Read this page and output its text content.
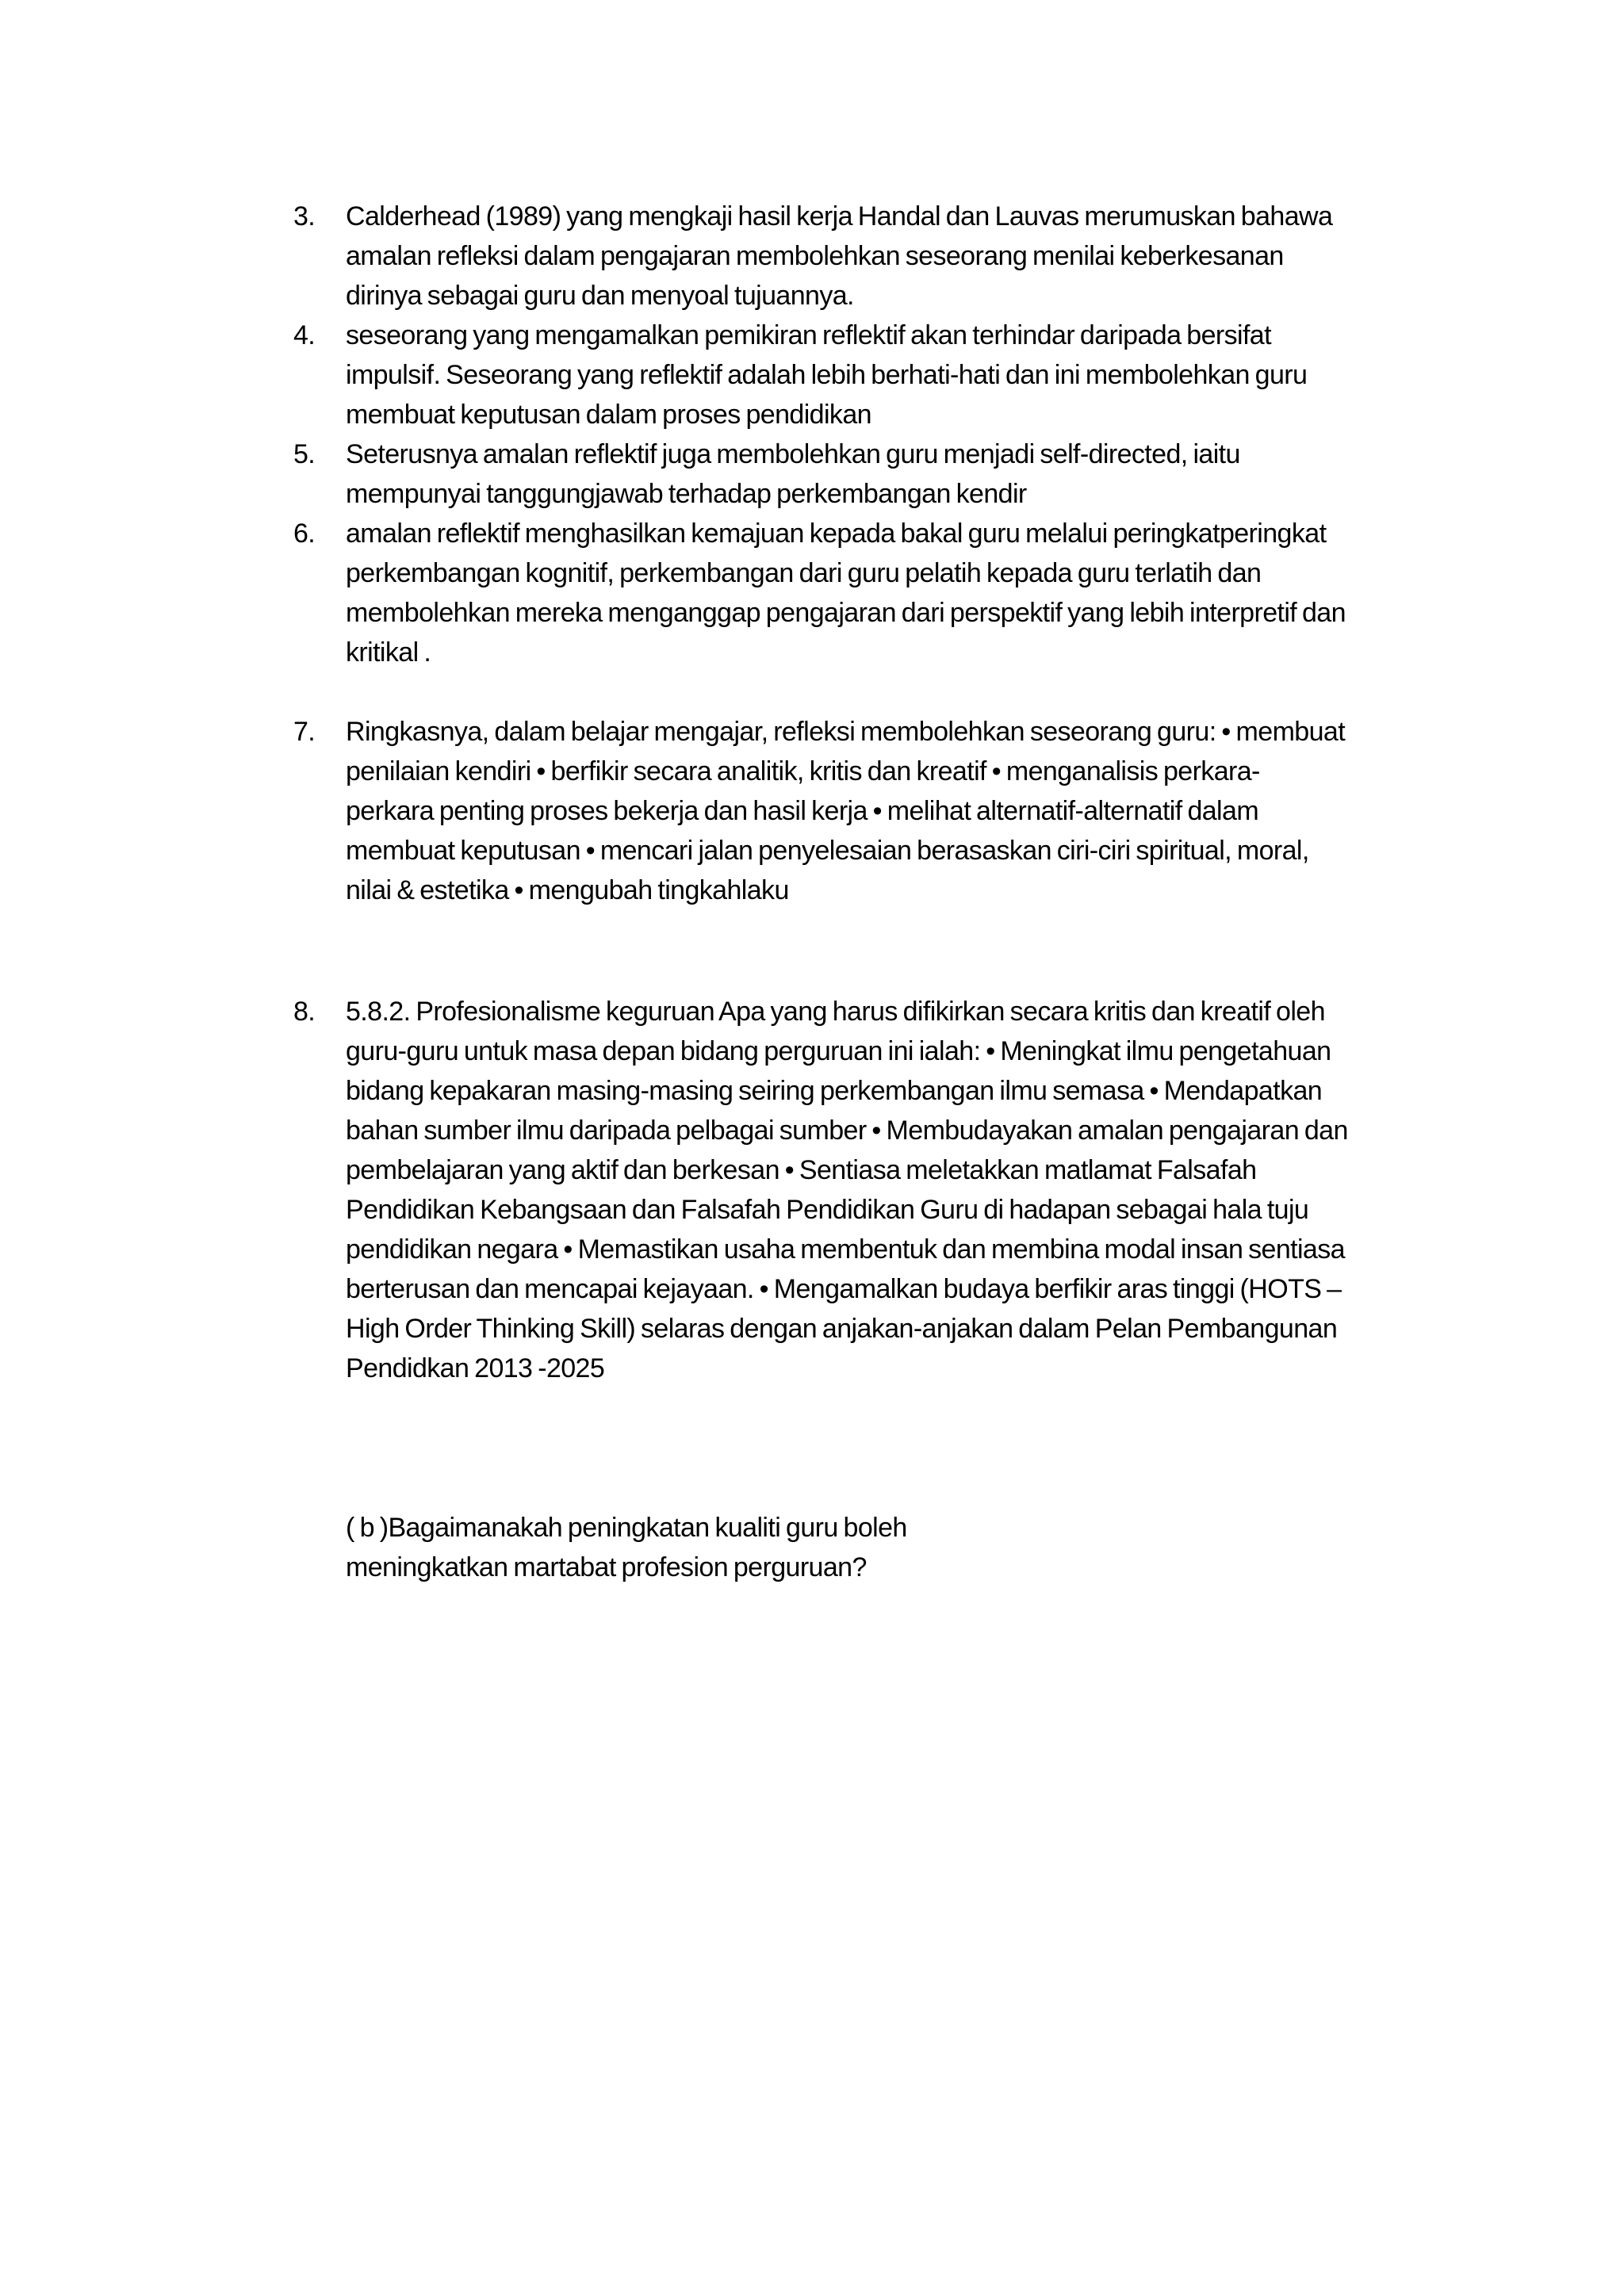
3.	Calderhead (1989) yang mengkaji hasil kerja Handal dan Lauvas merumuskan bahawa
amalan refleksi dalam pengajaran membolehkan seseorang menilai keberkesanan
dirinya sebagai guru dan menyoal tujuannya.
4.	seseorang yang mengamalkan pemikiran reflektif akan terhindar daripada bersifat
impulsif. Seseorang yang reflektif adalah lebih berhati-hati dan ini membolehkan guru
membuat keputusan dalam proses pendidikan
5.	Seterusnya amalan reflektif juga membolehkan guru menjadi self-directed, iaitu
mempunyai tanggungjawab terhadap perkembangan kendir
6.	amalan reflektif menghasilkan kemajuan kepada bakal guru melalui peringkatperingkat
perkembangan kognitif, perkembangan dari guru pelatih kepada guru terlatih dan
membolehkan mereka menganggap pengajaran dari perspektif yang lebih interpretif dan
kritikal .
7.	Ringkasnya, dalam belajar mengajar, refleksi membolehkan seseorang guru: • membuat
penilaian kendiri • berfikir secara analitik, kritis dan kreatif • menganalisis perkara-
perkara penting proses bekerja dan hasil kerja • melihat alternatif-alternatif dalam
membuat keputusan • mencari jalan penyelesaian berasaskan ciri-ciri spiritual, moral,
nilai & estetika • mengubah tingkahlaku
8.	5.8.2. Profesionalisme keguruan Apa yang harus difikirkan secara kritis dan kreatif oleh
guru-guru untuk masa depan bidang perguruan ini ialah: • Meningkat ilmu pengetahuan
bidang kepakaran masing-masing seiring perkembangan ilmu semasa • Mendapatkan
bahan sumber ilmu daripada pelbagai sumber • Membudayakan amalan pengajaran dan
pembelajaran yang aktif dan berkesan • Sentiasa meletakkan matlamat Falsafah
Pendidikan Kebangsaan dan Falsafah Pendidikan Guru di hadapan sebagai hala tuju
pendidikan negara • Memastikan usaha membentuk dan membina modal insan sentiasa
berterusan dan mencapai kejayaan. • Mengamalkan budaya berfikir aras tinggi (HOTS –
High Order Thinking Skill) selaras dengan anjakan-anjakan dalam Pelan Pembangunan
Pendidkan 2013 -2025
( b )Bagaimanakah peningkatan kualiti guru boleh
meningkatkan martabat profesion perguruan?
